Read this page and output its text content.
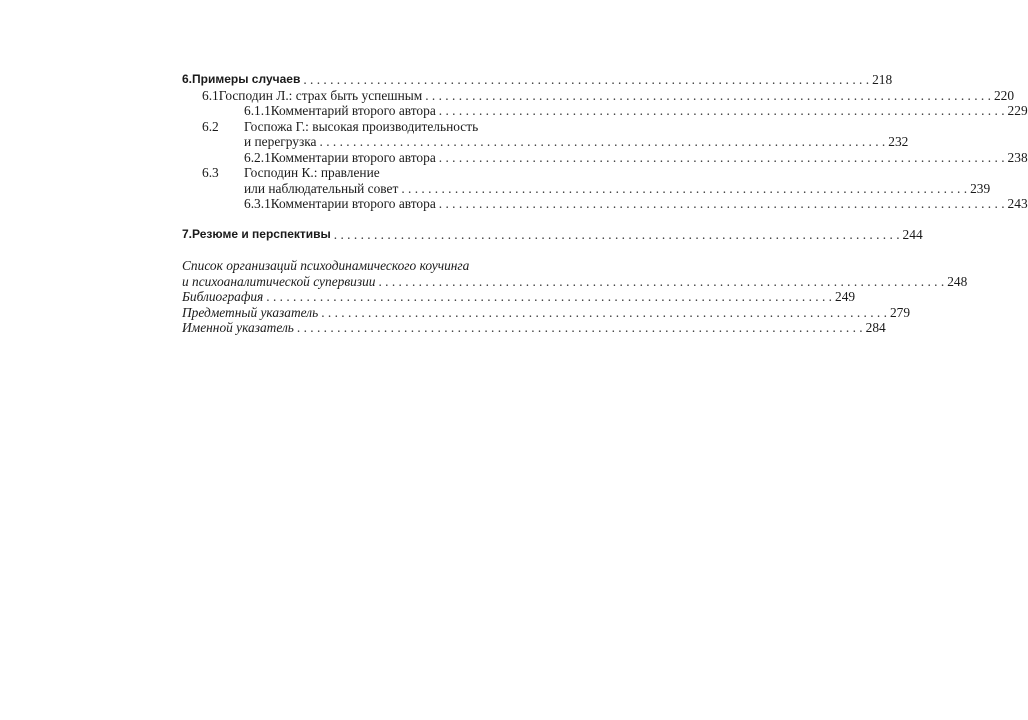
6. Примеры случаев . . .	218
6.1 Господин Л.: страх быть успешным . . .	220
6.1.1 Комментарий второго автора . . .	229
6.2	Госпожа Г.: высокая производительность
и перегрузка . . .	232
6.2.1 Комментарии второго автора . . .	238
6.3	Господин К.: правление
или наблюдательный совет . . .	239
6.3.1 Комментарии второго автора . . .	243
7. Резюме и перспективы . . .	244
Список организаций психодинамического коучинга
и психоаналитической супервизии . . .	248
Библиография . . .	249
Предметный указатель . . .	279
Именной указатель . . .	284
